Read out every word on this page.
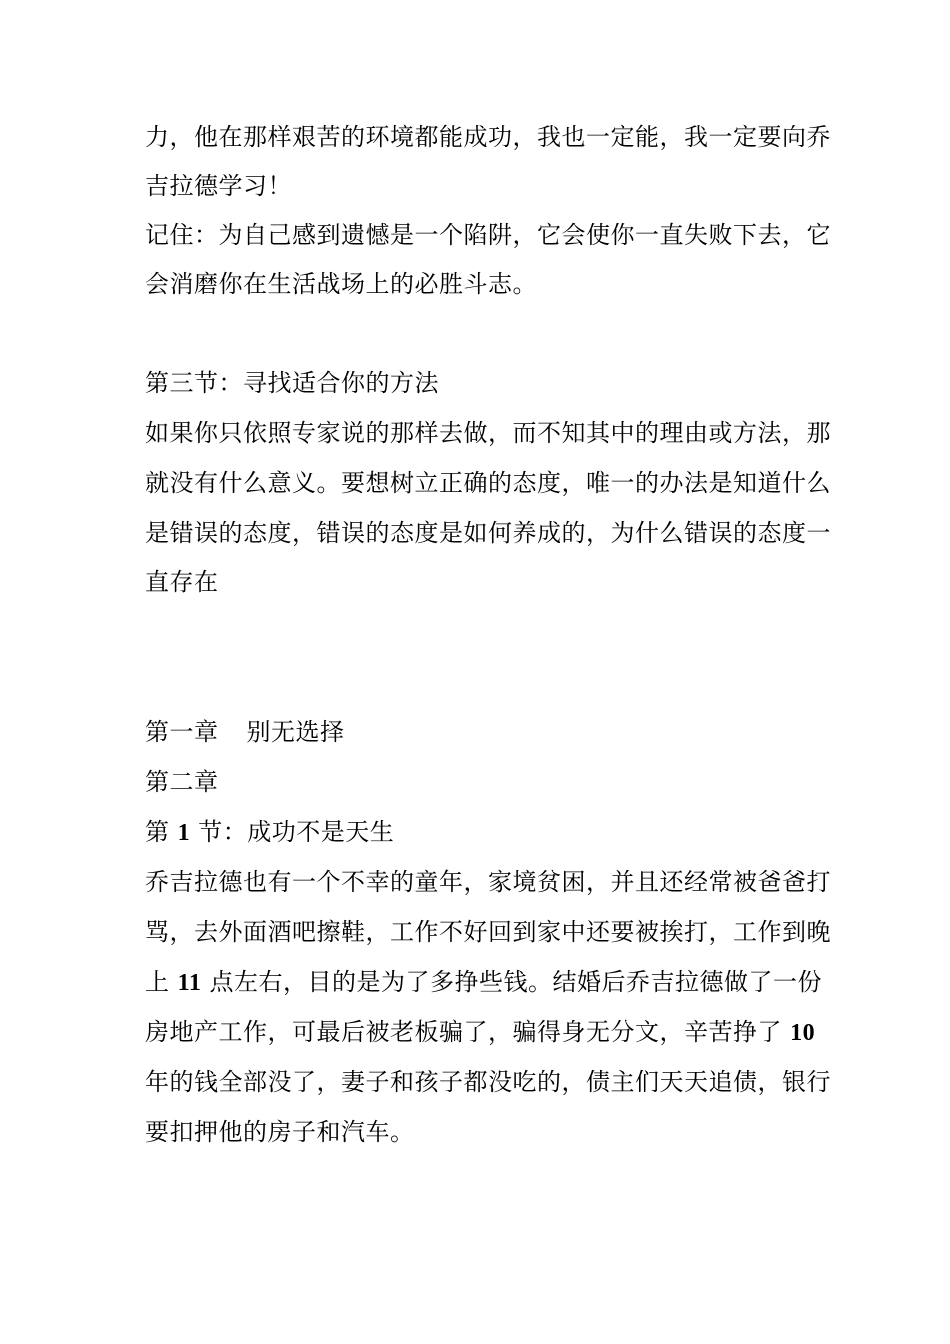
力，他在那样艰苦的环境都能成功，我也一定能，我一定要向乔
吉拉德学习！
记住：为自己感到遗憾是一个陷阱，它会使你一直失败下去，它
会消磨你在生活战场上的必胜斗志。
第三节：寻找适合你的方法
如果你只依照专家说的那样去做，而不知其中的理由或方法，那
就没有什么意义。要想树立正确的态度，唯一的办法是知道什么
是错误的态度，错误的态度是如何养成的，为什么错误的态度一
直存在
第一章 别无选择
第二章
第 1 节：成功不是天生
乔吉拉德也有一个不幸的童年，家境贫困，并且还经常被爸爸打
骂，去外面酒吧擦鞋，工作不好回到家中还要被挨打，工作到晚
上 11 点左右，目的是为了多挣些钱。结婚后乔吉拉德做了一份
房地产工作，可最后被老板骗了，骗得身无分文，辛苦挣了 10
年的钱全部没了，妻子和孩子都没吃的，债主们天天追债，银行
要扣押他的房子和汽车。
